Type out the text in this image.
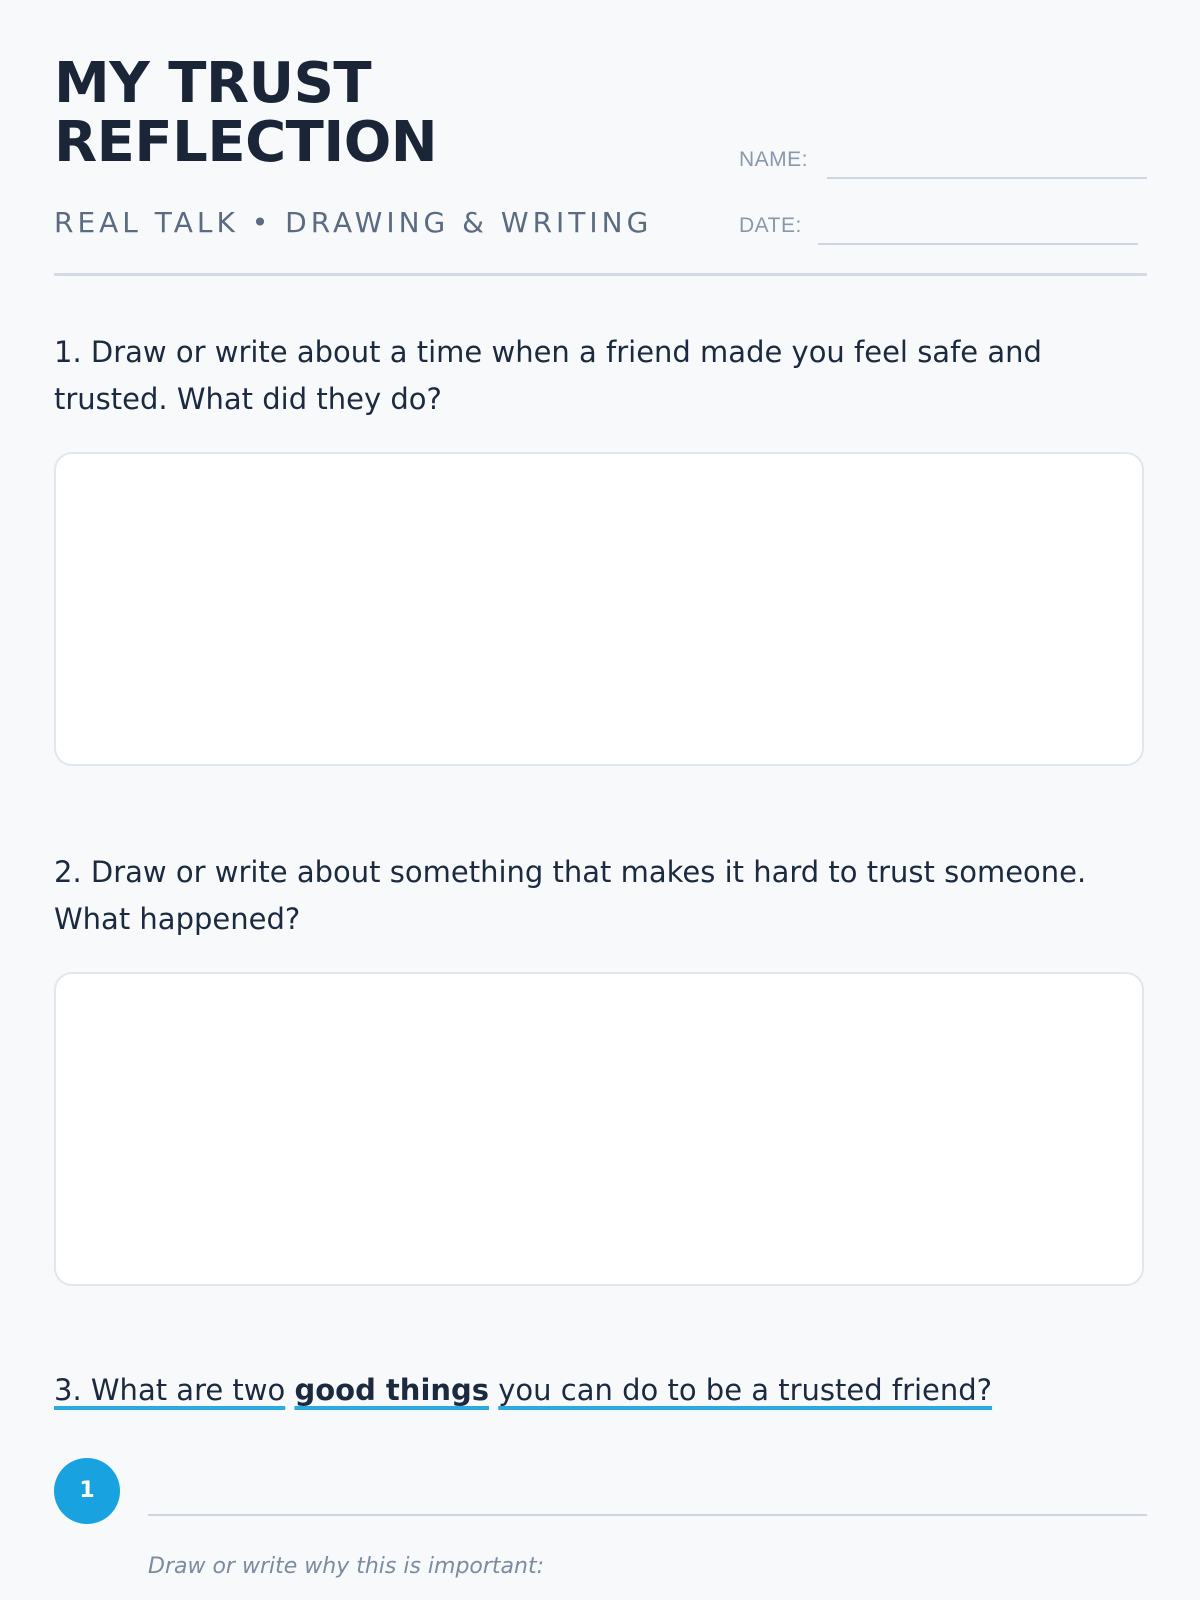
MY TRUST
REFLECTION
REAL TALK • DRAWING & WRITING
NAME:
DATE:

1. Draw or write about a time when a friend made you feel safe and trusted. What did they do?

2. Draw or write about something that makes it hard to trust someone. What happened?

3. What are two good things you can do to be a trusted friend?

1
Draw or write why this is important:
